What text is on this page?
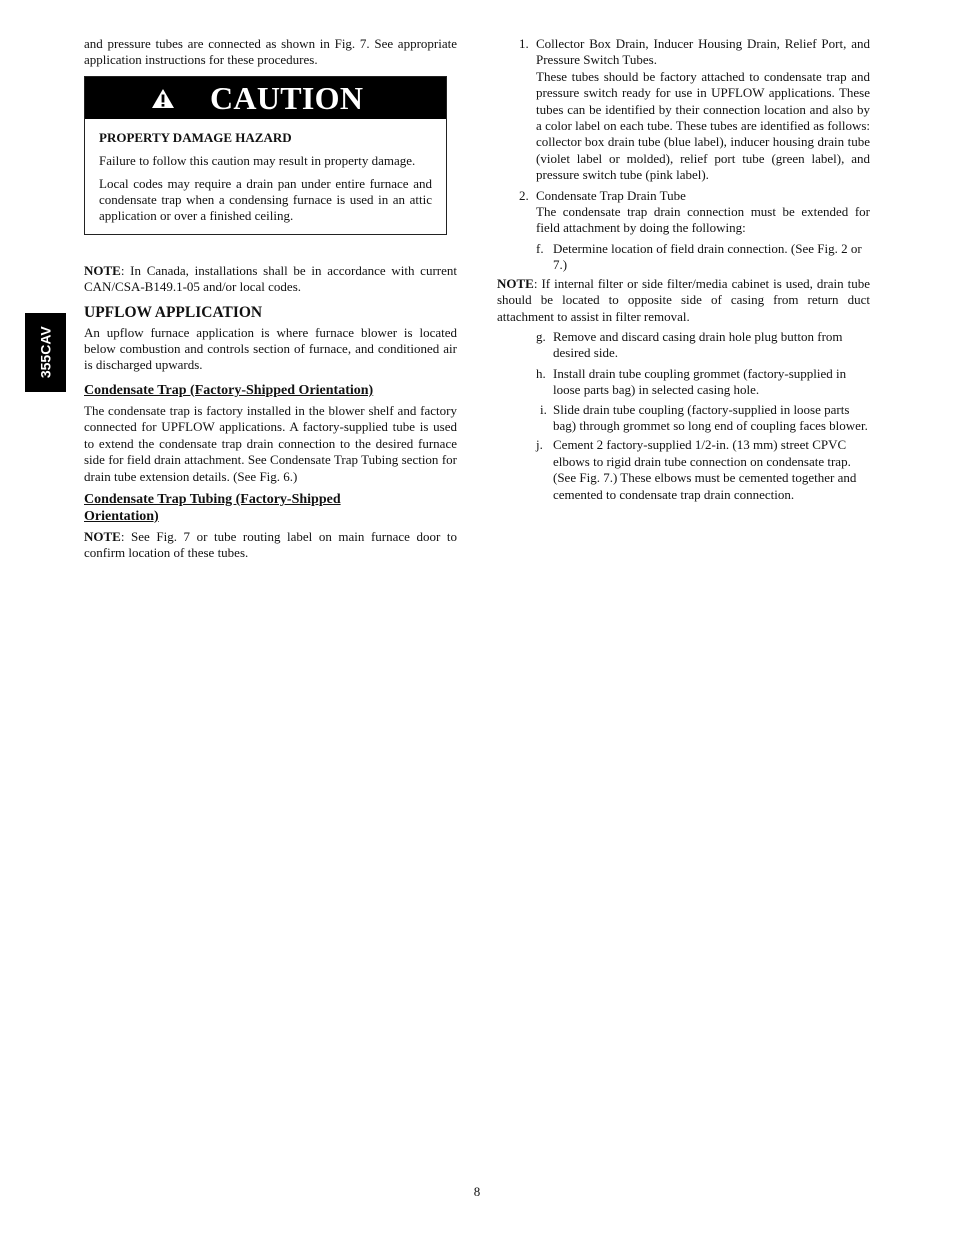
355CAV

and pressure tubes are connected as shown in Fig. 7. See appropriate application instructions for these procedures.

CAUTION

PROPERTY DAMAGE HAZARD

Failure to follow this caution may result in property damage.

Local codes may require a drain pan under entire furnace and condensate trap when a condensing furnace is used in an attic application or over a finished ceiling.

NOTE: In Canada, installations shall be in accordance with current CAN/CSA-B149.1-05 and/or local codes.

UPFLOW APPLICATION

An upflow furnace application is where furnace blower is located below combustion and controls section of furnace, and conditioned air is discharged upwards.

Condensate Trap (Factory-Shipped Orientation)

The condensate trap is factory installed in the blower shelf and factory connected for UPFLOW applications. A factory-supplied tube is used to extend the condensate trap drain connection to the desired furnace side for field drain attachment. See Condensate Trap Tubing section for drain tube extension details. (See Fig. 6.)

Condensate Trap Tubing (Factory-Shipped Orientation)

NOTE: See Fig. 7 or tube routing label on main furnace door to confirm location of these tubes.

1. Collector Box Drain, Inducer Housing Drain, Relief Port, and Pressure Switch Tubes.

These tubes should be factory attached to condensate trap and pressure switch ready for use in UPFLOW applications. These tubes can be identified by their connection location and also by a color label on each tube. These tubes are identified as follows: collector box drain tube (blue label), inducer housing drain tube (violet label or molded), relief port tube (green label), and pressure switch tube (pink label).

2. Condensate Trap Drain Tube

The condensate trap drain connection must be extended for field attachment by doing the following:

f. Determine location of field drain connection. (See Fig. 2 or 7.)

NOTE: If internal filter or side filter/media cabinet is used, drain tube should be located to opposite side of casing from return duct attachment to assist in filter removal.

g. Remove and discard casing drain hole plug button from desired side.

h. Install drain tube coupling grommet (factory-supplied in loose parts bag) in selected casing hole.

i. Slide drain tube coupling (factory-supplied in loose parts bag) through grommet so long end of coupling faces blower.

j. Cement 2 factory-supplied 1/2-in. (13 mm) street CPVC elbows to rigid drain tube connection on condensate trap. (See Fig. 7.) These elbows must be cemented together and cemented to condensate trap drain connection.

8
